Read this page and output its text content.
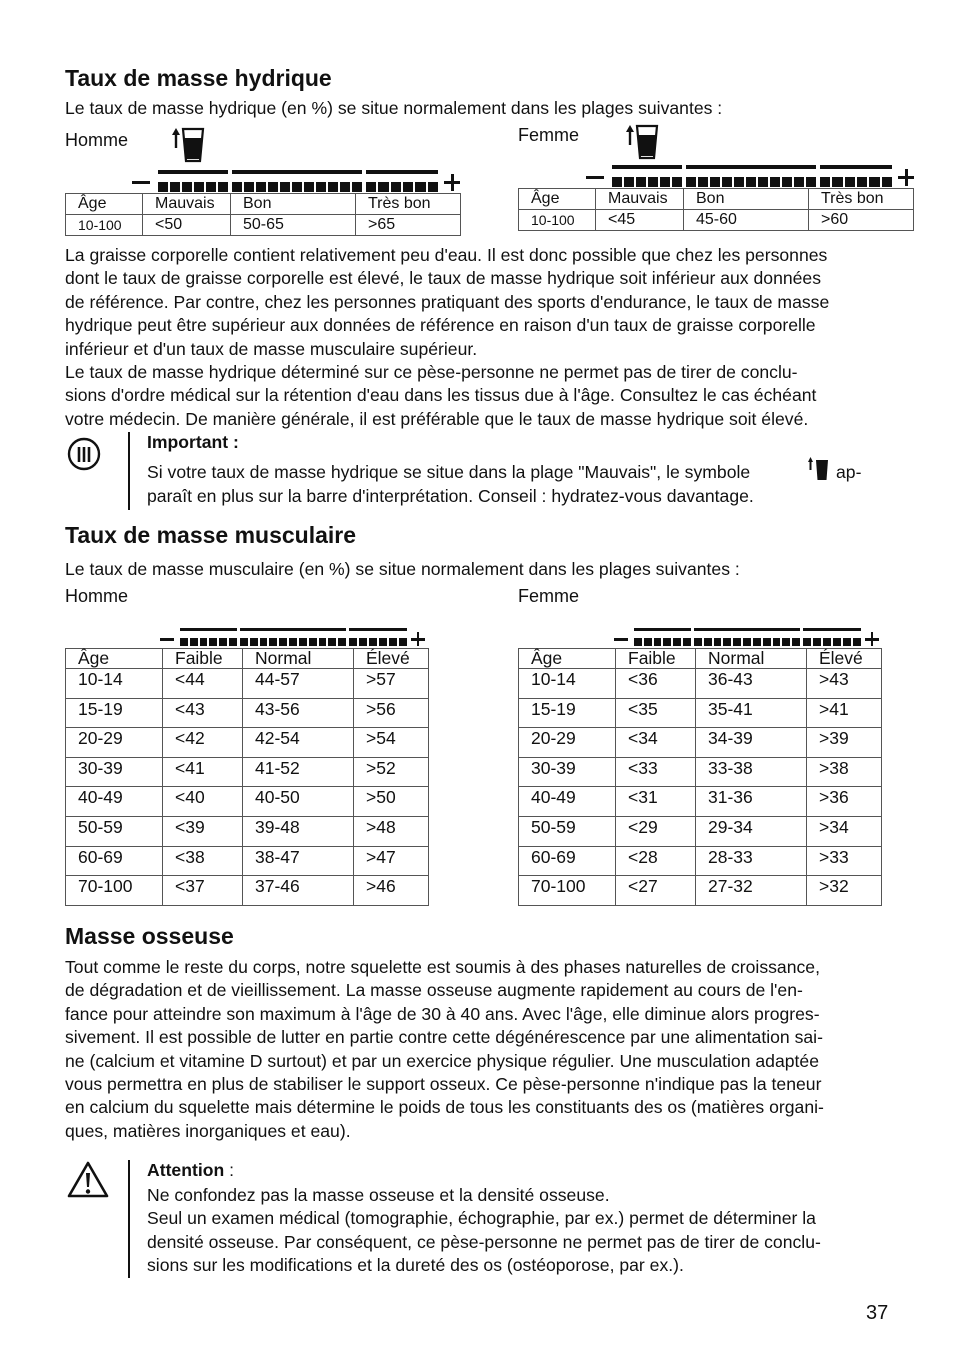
Taux de masse hydrique

Le taux de masse hydrique (en %) se situe normalement dans les plages suivantes :

Homme	Femme
Âge	Mauvais	Bon	Très bon
10-100	<50	50-65	>65
Âge	Mauvais	Bon	Très bon
10-100	<45	45-60	>60
La graisse corporelle contient relativement peu d'eau. Il est donc possible que chez les personnes
dont le taux de graisse corporelle est élevé, le taux de masse hydrique soit inférieur aux données
de référence. Par contre, chez les personnes pratiquant des sports d'endurance, le taux de masse
hydrique peut être supérieur aux données de référence en raison d'un taux de graisse corporelle
inférieur et d'un taux de masse musculaire supérieur.
Le taux de masse hydrique déterminé sur ce pèse-personne ne permet pas de tirer de conclu-
sions d'ordre médical sur la rétention d'eau dans les tissus due à l'âge. Consultez le cas échéant
votre médecin. De manière générale, il est préférable que le taux de masse hydrique soit élevé.
Important :
Si votre taux de masse hydrique se situe dans la plage "Mauvais", le symbole	ap-
paraît en plus sur la barre d'interprétation. Conseil : hydratez-vous davantage.
Taux de masse musculaire

Le taux de masse musculaire (en %) se situe normalement dans les plages suivantes :

Homme	Femme
Âge	Faible	Normal	Élevé
10-14	<44	44-57	>57
15-19	<43	43-56	>56
20-29	<42	42-54	>54
30-39	<41	41-52	>52
40-49	<40	40-50	>50
50-59	<39	39-48	>48
60-69	<38	38-47	>47
70-100	<37	37-46	>46
Âge	Faible	Normal	Élevé
10-14	<36	36-43	>43
15-19	<35	35-41	>41
20-29	<34	34-39	>39
30-39	<33	33-38	>38
40-49	<31	31-36	>36
50-59	<29	29-34	>34
60-69	<28	28-33	>33
70-100	<27	27-32	>32
Masse osseuse
Tout comme le reste du corps, notre squelette est soumis à des phases naturelles de croissance,
de dégradation et de vieillissement. La masse osseuse augmente rapidement au cours de l'en-
fance pour atteindre son maximum à l'âge de 30 à 40 ans. Avec l'âge, elle diminue alors progres-
sivement. Il est possible de lutter en partie contre cette dégénérescence par une alimentation sai-
ne (calcium et vitamine D surtout) et par un exercice physique régulier. Une musculation adaptée
vous permettra en plus de stabiliser le support osseux. Ce pèse-personne n'indique pas la teneur
en calcium du squelette mais détermine le poids de tous les constituants des os (matières organi-
ques, matières inorganiques et eau).
Attention :
Ne confondez pas la masse osseuse et la densité osseuse.
Seul un examen médical (tomographie, échographie, par ex.) permet de déterminer la
densité osseuse. Par conséquent, ce pèse-personne ne permet pas de tirer de conclu-
sions sur les modifications et la dureté des os (ostéoporose, par ex.).
37
